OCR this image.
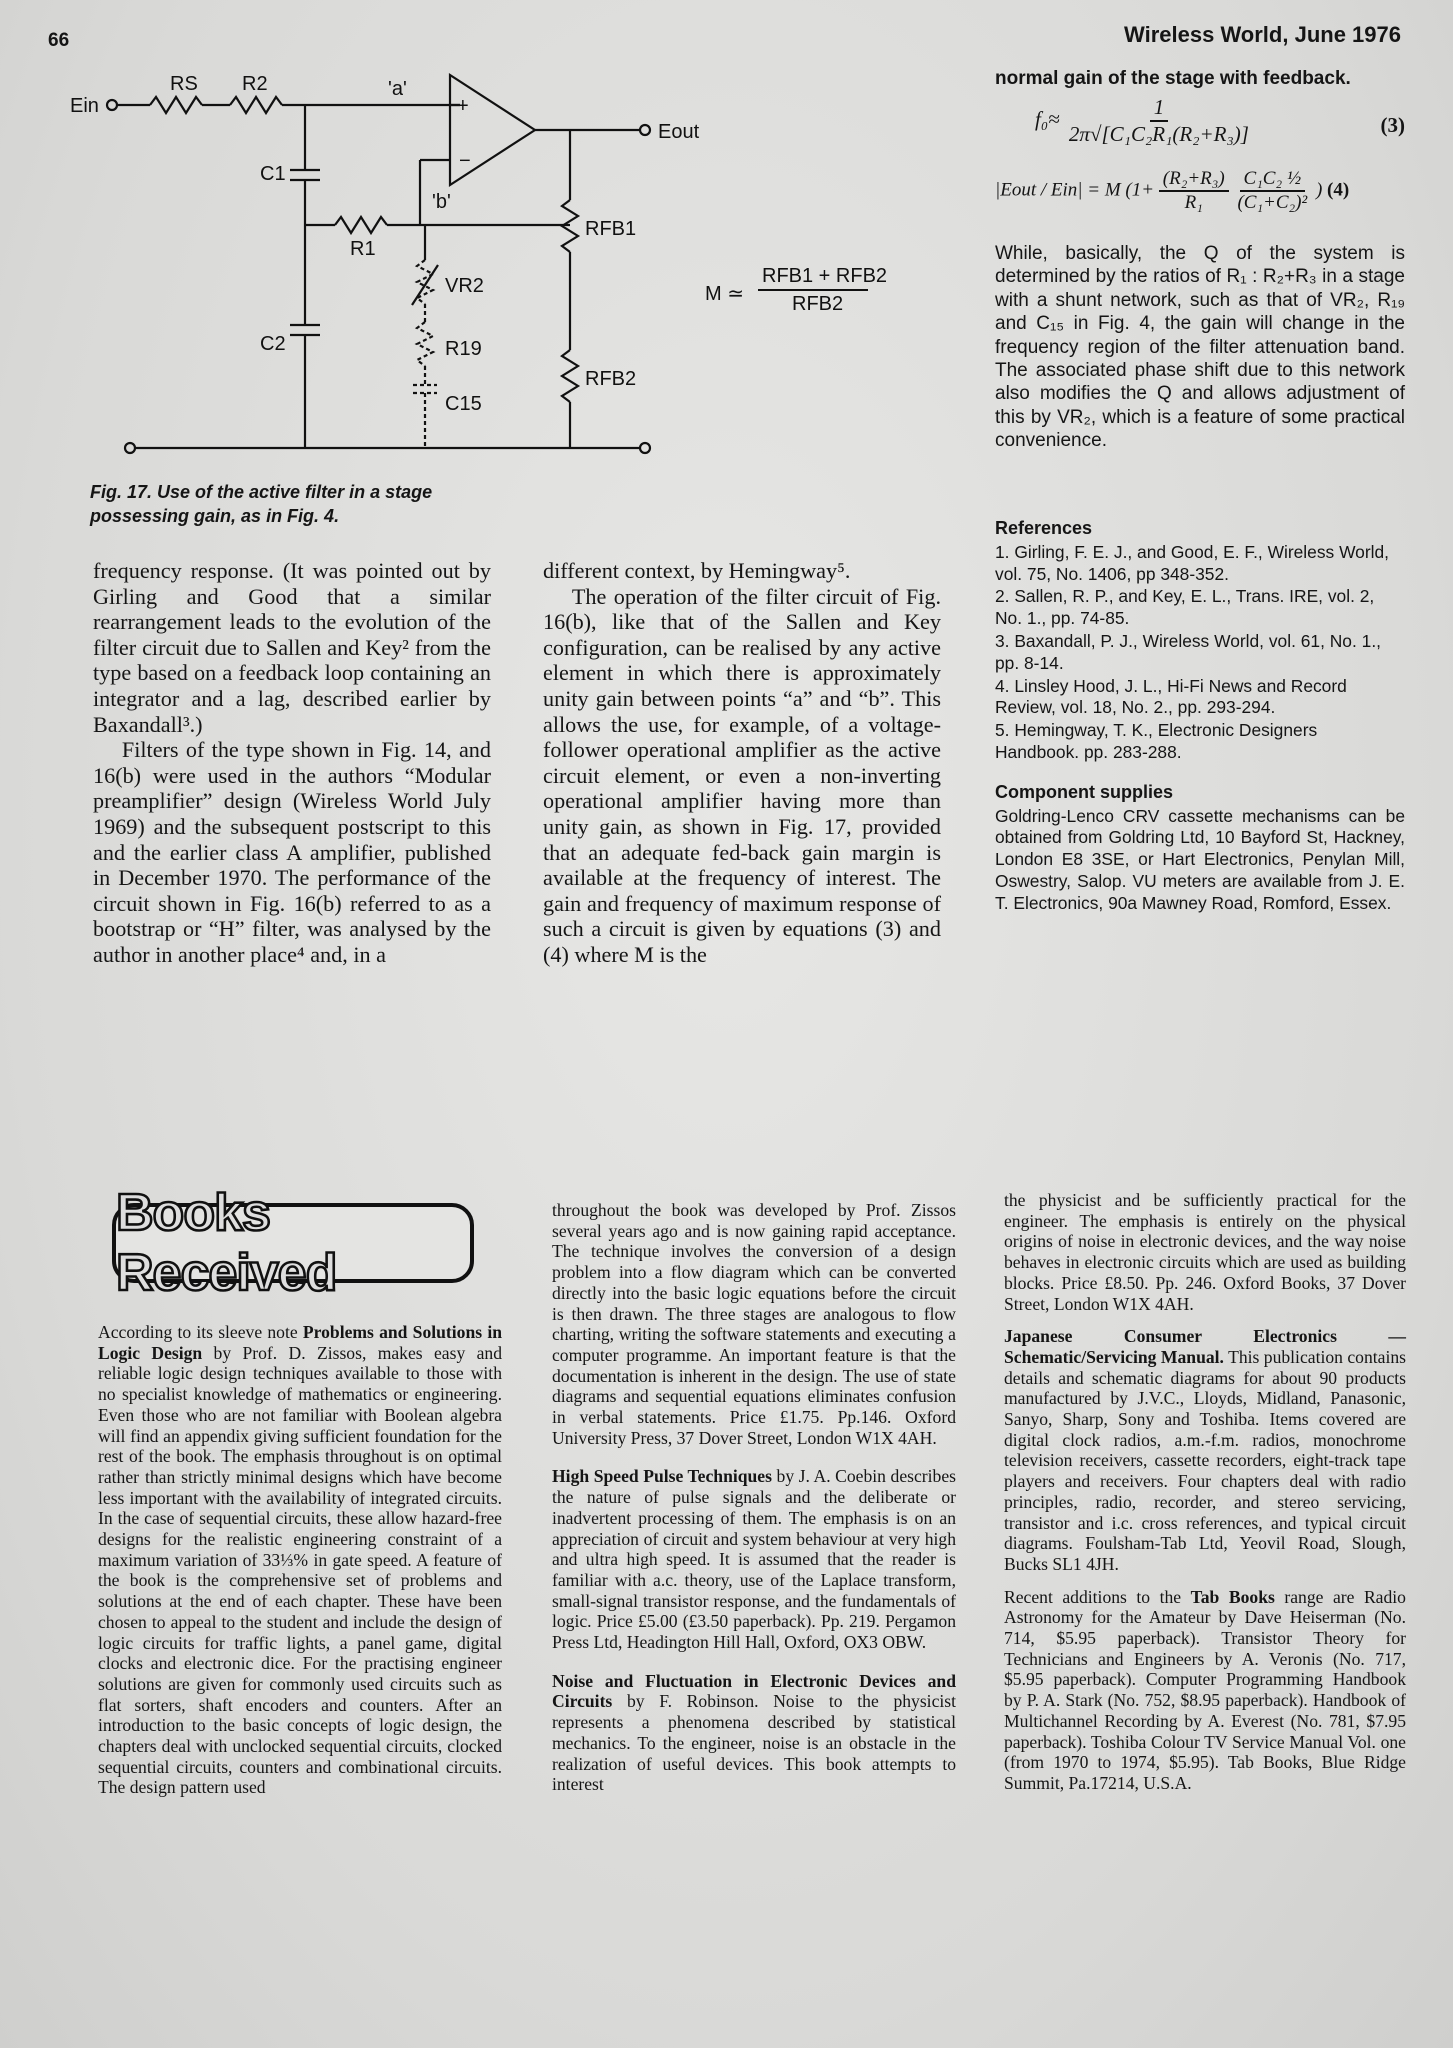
66	Wireless World, June 1976
Ein
RS R2	'a'
'b'
+
−
Eout
C1
R1
VR2
R19
C15
C2
RFB1
RFB2
M ≃
RFB1 + RFB2
RFB2
Fig. 17. Use of the active filter in a stage possessing gain, as in Fig. 4.
normal gain of the stage with feedback.
$f_0\approx \frac{1}{\text{2π√[C₁C₂R₁(R₂+R₃)]}}$	(3)
|Eout / Ein| = M ($1+ \frac{\text{(R₂+R₃)}}{\text{R₁}}$
$\frac{\text{C₁C₂ ½}}{\text{(C₁+C₂)²}}$ ) (4)

While, basically, the Q of the system is determined by the ratios of R₁ : R₂+R₃ in a stage with a shunt network, such as that of VR₂, R₁₉ and C₁₅ in Fig. 4, the gain will change in the frequency region of the filter attenuation band. The associated phase shift due to this network also modifies the Q and allows adjustment of this by VR₂, which is a feature of some practical convenience.

References
1. Girling, F. E. J., and Good, E. F., Wireless World, vol. 75, No. 1406, pp 348-352.
2. Sallen, R. P., and Key, E. L., Trans. IRE, vol. 2, No. 1., pp. 74-85.
3. Baxandall, P. J., Wireless World, vol. 61, No. 1., pp. 8-14.
4. Linsley Hood, J. L., Hi-Fi News and Record Review, vol. 18, No. 2., pp. 293-294.
5. Hemingway, T. K., Electronic Designers Handbook. pp. 283-288.
Component supplies

Goldring-Lenco CRV cassette mechanisms can be obtained from Goldring Ltd, 10 Bayford St, Hackney, London E8 3SE, or Hart Electronics, Penylan Mill, Oswestry, Salop. VU meters are available from J. E. T. Electronics, 90a Mawney Road, Romford, Essex.

frequency response. (It was pointed out by Girling and Good that a similar rearrangement leads to the evolution of the filter circuit due to Sallen and Key² from the type based on a feedback loop containing an integrator and a lag, described earlier by Baxandall³.)

Filters of the type shown in Fig. 14, and 16(b) were used in the authors “Modular preamplifier” design (Wireless World July 1969) and the subsequent postscript to this and the earlier class A amplifier, published in December 1970. The performance of the circuit shown in Fig. 16(b) referred to as a bootstrap or “H” filter, was analysed by the author in another place⁴ and, in a

different context, by Hemingway⁵.

The operation of the filter circuit of Fig. 16(b), like that of the Sallen and Key configuration, can be realised by any active element in which there is approximately unity gain between points “a” and “b”. This allows the use, for example, of a voltage-follower operational amplifier as the active circuit element, or even a non-inverting operational amplifier having more than unity gain, as shown in Fig. 17, provided that an adequate fed-back gain margin is available at the frequency of interest. The gain and frequency of maximum response of such a circuit is given by equations (3) and (4) where M is the

Books Received

According to its sleeve note Problems and Solutions in Logic Design by Prof. D. Zissos, makes easy and reliable logic design techniques available to those with no specialist knowledge of mathematics or engineering. Even those who are not familiar with Boolean algebra will find an appendix giving sufficient foundation for the rest of the book. The emphasis throughout is on optimal rather than strictly minimal designs which have become less important with the availability of integrated circuits. In the case of sequential circuits, these allow hazard-free designs for the realistic engineering constraint of a maximum variation of 33⅓% in gate speed. A feature of the book is the comprehensive set of problems and solutions at the end of each chapter. These have been chosen to appeal to the student and include the design of logic circuits for traffic lights, a panel game, digital clocks and electronic dice. For the practising engineer solutions are given for commonly used circuits such as flat sorters, shaft encoders and counters. After an introduction to the basic concepts of logic design, the chapters deal with unclocked sequential circuits, clocked sequential circuits, counters and combinational circuits. The design pattern used

throughout the book was developed by Prof. Zissos several years ago and is now gaining rapid acceptance. The technique involves the conversion of a design problem into a flow diagram which can be converted directly into the basic logic equations before the circuit is then drawn. The three stages are analogous to flow charting, writing the software statements and executing a computer programme. An important feature is that the documentation is inherent in the design. The use of state diagrams and sequential equations eliminates confusion in verbal statements. Price £1.75. Pp.146. Oxford University Press, 37 Dover Street, London W1X 4AH.

High Speed Pulse Techniques by J. A. Coebin describes the nature of pulse signals and the deliberate or inadvertent processing of them. The emphasis is on an appreciation of circuit and system behaviour at very high and ultra high speed. It is assumed that the reader is familiar with a.c. theory, use of the Laplace transform, small-signal transistor response, and the fundamentals of logic. Price £5.00 (£3.50 paperback). Pp. 219. Pergamon Press Ltd, Headington Hill Hall, Oxford, OX3 OBW.

Noise and Fluctuation in Electronic Devices and Circuits by F. Robinson. Noise to the physicist represents a phenomena described by statistical mechanics. To the engineer, noise is an obstacle in the realization of useful devices. This book attempts to interest

the physicist and be sufficiently practical for the engineer. The emphasis is entirely on the physical origins of noise in electronic devices, and the way noise behaves in electronic circuits which are used as building blocks. Price £8.50. Pp. 246. Oxford Books, 37 Dover Street, London W1X 4AH.

Japanese Consumer Electronics — Schematic/Servicing Manual. This publication contains details and schematic diagrams for about 90 products manufactured by J.V.C., Lloyds, Midland, Panasonic, Sanyo, Sharp, Sony and Toshiba. Items covered are digital clock radios, a.m.-f.m. radios, monochrome television receivers, cassette recorders, eight-track tape players and receivers. Four chapters deal with radio principles, radio, recorder, and stereo servicing, transistor and i.c. cross references, and typical circuit diagrams. Foulsham-Tab Ltd, Yeovil Road, Slough, Bucks SL1 4JH.

Recent additions to the Tab Books range are Radio Astronomy for the Amateur by Dave Heiserman (No. 714, $5.95 paperback). Transistor Theory for Technicians and Engineers by A. Veronis (No. 717, $5.95 paperback). Computer Programming Handbook by P. A. Stark (No. 752, $8.95 paperback). Handbook of Multichannel Recording by A. Everest (No. 781, $7.95 paperback). Toshiba Colour TV Service Manual Vol. one (from 1970 to 1974, $5.95). Tab Books, Blue Ridge Summit, Pa.17214, U.S.A.
